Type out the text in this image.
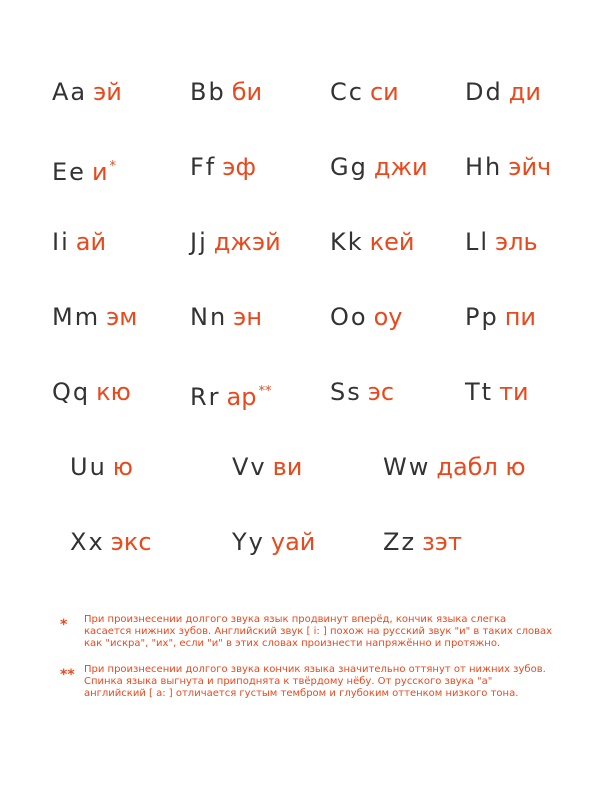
Aa эй	Bb би	Cc си	Dd ди
Ee и *	Ff эф	Gg джи Hh эйч
Ii ай	Jj джэй Kk кей Ll эль
Mm эм Nn эн	Oo оу	Pp пи
Qq кю Rr ар ** Ss эс	Tt ти
Uu ю	Vv ви	Ww дабл ю
Xx экс	Yy уай	Zz зэт
*	При произнесении долгого звука язык продвинут вперёд, кончик языка слегка
касается нижних зубов. Английский звук [ i: ] похож на русский звук "и" в таких словах
как "искра", "их", если "и" в этих словах произнести напряжённо и протяжно.
** При произнесении долгого звука кончик языка значительно оттянут от нижних зубов.
Спинка языка выгнута и приподнята к твёрдому нёбу. От русского звука "а"
английский [ a: ] отличается густым тембром и глубоким оттенком низкого тона.
